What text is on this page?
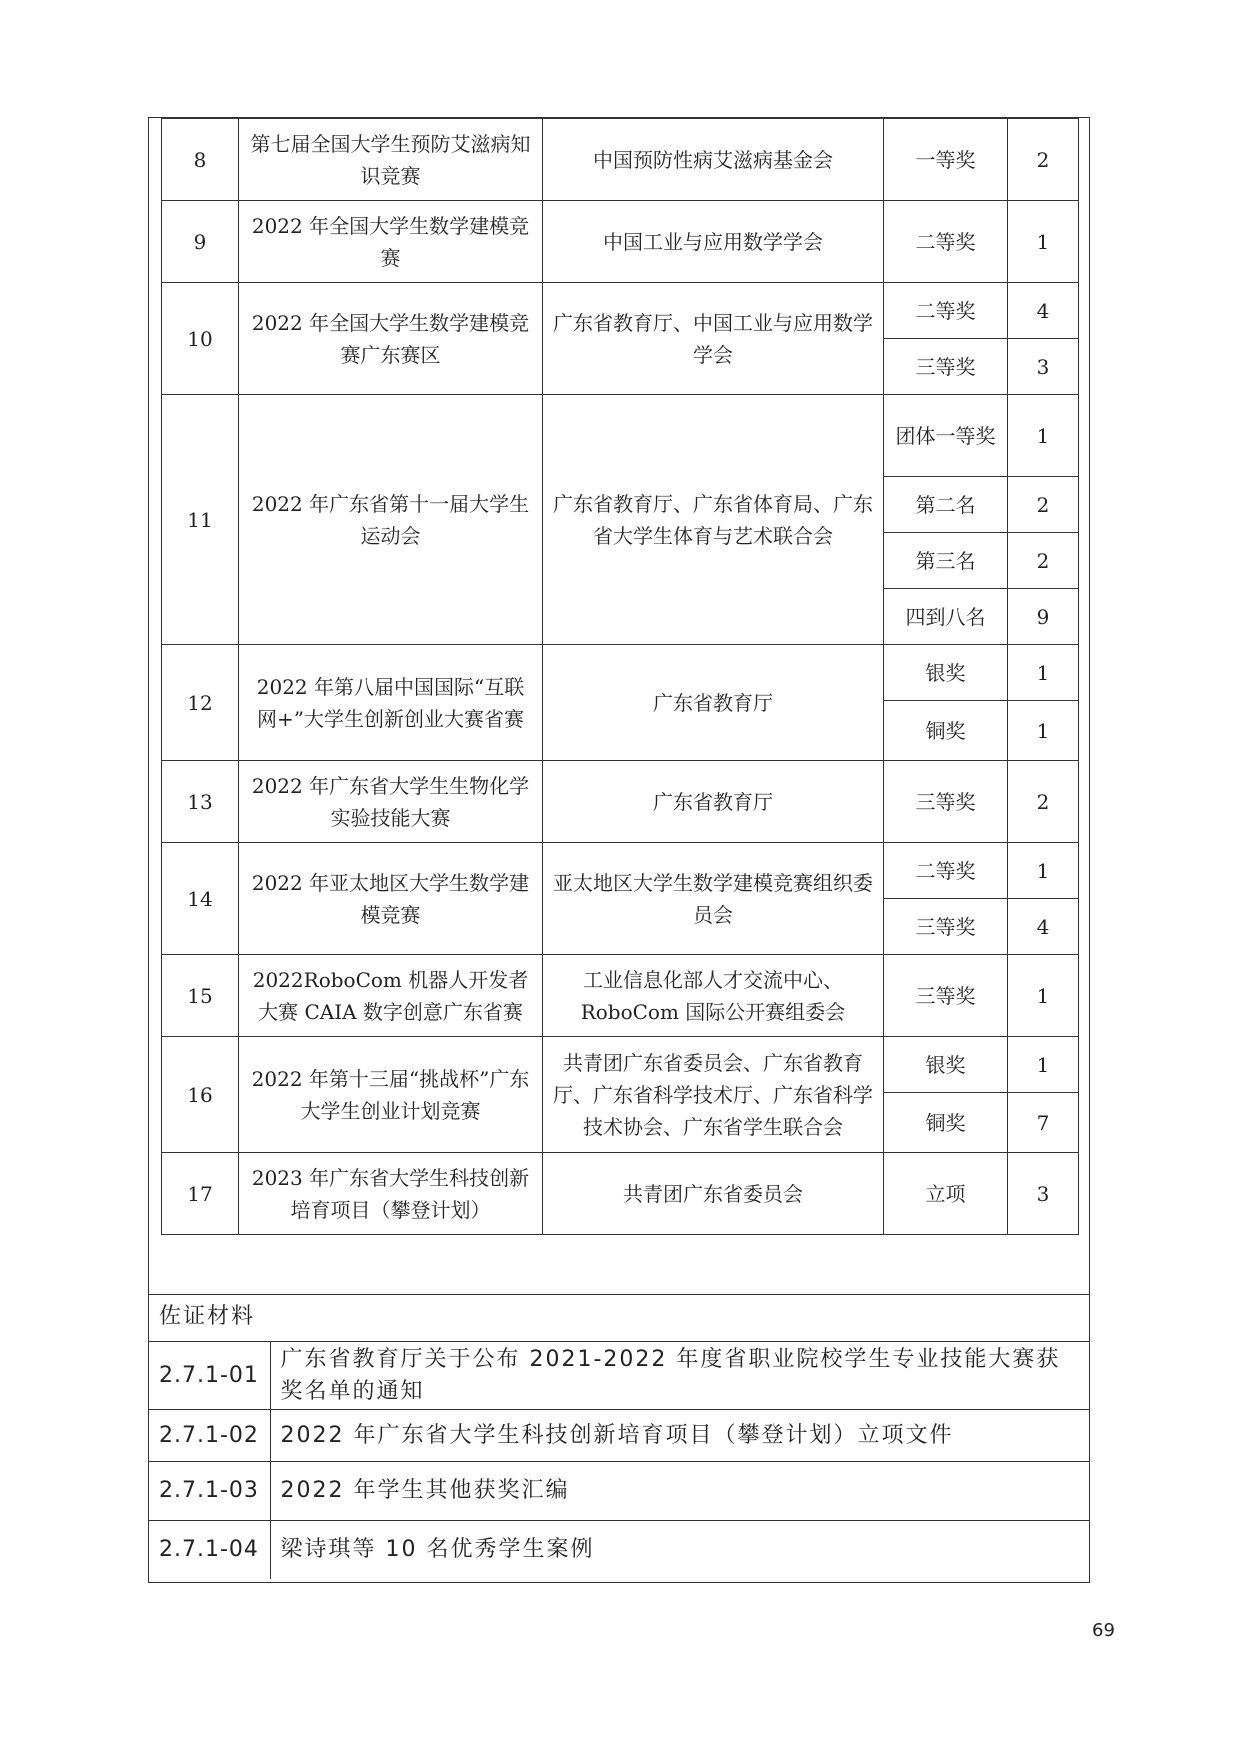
8	第七届全国大学生预防艾滋病知识竞赛	中国预防性病艾滋病基金会	一等奖	2
9	2022 年全国大学生数学建模竞赛	中国工业与应用数学学会	二等奖	1
10	2022 年全国大学生数学建模竞赛广东赛区	广东省教育厅、中国工业与应用数学学会	二等奖	4
			三等奖	3
11	2022 年广东省第十一届大学生运动会	广东省教育厅、广东省体育局、广东省大学生体育与艺术联合会	团体一等奖	1
			第二名	2
			第三名	2
			四到八名	9
12	2022 年第八届中国国际“互联网+”大学生创新创业大赛省赛	广东省教育厅	银奖	1
			铜奖	1
13	2022 年广东省大学生生物化学实验技能大赛	广东省教育厅	三等奖	2
14	2022 年亚太地区大学生数学建模竞赛	亚太地区大学生数学建模竞赛组织委员会	二等奖	1
			三等奖	4
15	2022RoboCom 机器人开发者大赛 CAIA 数字创意广东省赛	工业信息化部人才交流中心、RoboCom 国际公开赛组委会	三等奖	1
16	2022 年第十三届“挑战杯”广东大学生创业计划竞赛	共青团广东省委员会、广东省教育厅、广东省科学技术厅、广东省科学技术协会、广东省学生联合会	银奖	1
			铜奖	7
17	2023 年广东省大学生科技创新培育项目（攀登计划）	共青团广东省委员会	立项	3
佐证材料
2.7.1-01	广东省教育厅关于公布 2021-2022 年度省职业院校学生专业技能大赛获奖名单的通知
2.7.1-02	2022 年广东省大学生科技创新培育项目（攀登计划）立项文件
2.7.1-03	2022 年学生其他获奖汇编
2.7.1-04	梁诗琪等 10 名优秀学生案例
69
